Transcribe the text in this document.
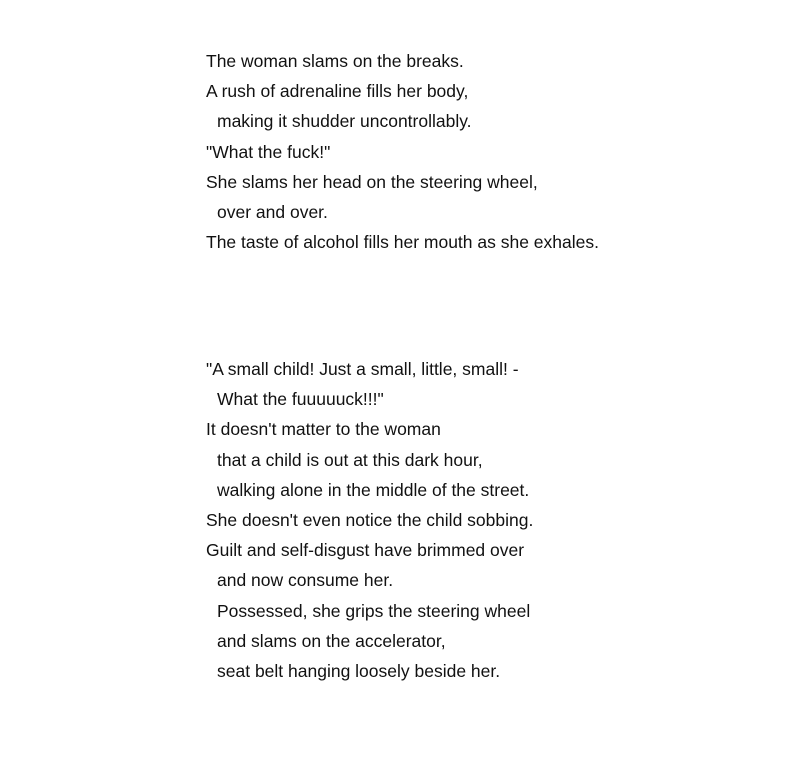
The woman slams on the breaks.
A rush of adrenaline fills her body,
making it shudder uncontrollably.
"What the fuck!"
She slams her head on the steering wheel,
over and over.
The taste of alcohol fills her mouth as she exhales.
"A small child! Just a small, little, small! -
What the fuuuuuck!!!"
It doesn't matter to the woman
that a child is out at this dark hour,
walking alone in the middle of the street.
She doesn't even notice the child sobbing.
Guilt and self-disgust have brimmed over
and now consume her.
Possessed, she grips the steering wheel
and slams on the accelerator,
seat belt hanging loosely beside her.
